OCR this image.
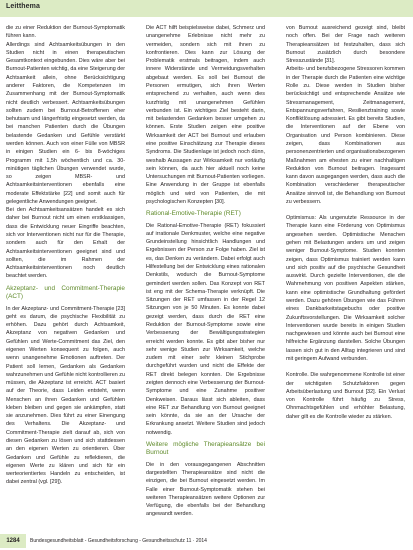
Leitthema

die zu einer Reduktion der Burnout-Symptomatik führen kann.

Allerdings sind Achtsamkeitsübungen in den Studien nicht in einen therapeutischen Gesamtkontext eingebunden. Dies wäre aber bei Burnout-Patienten wichtig, da eine Steigerung der Achtsamkeit allein, ohne Berücksichtigung anderer Faktoren, die Kompetenzen im Zusammenhang mit der Burnout-Symptomatik nicht deutlich verbessert. Achtsamkeitsübungen sollten zudem bei Burnout-Betroffenen eher behutsam und längerfristig eingesetzt werden, da bei manchen Patienten durch die Übungen belastende Gedanken und Gefühle verstärkt werden können. Auch von einer Fülle von MBSR in einigen Studien ein 6- bis 8-wöchiges Programm mit 1,5h wöchentlich und ca. 30-minütigen täglichen Übungen verwendet wurde, so zeigen MBSR- und Achtsamkeitsinterventionen ebenfalls eine moderate Effektstärke [22] und somit auch für gelegentliche Anwendungen geeignet.

Bei den Achtsamkeitsansätzen handelt es sich daher bei Burnout nicht um einen erstklassigen, dass die Entwicklung neuer Eingriffe beachten, sich vor Interventionen nicht nur für die Therapie, sondern auch für den Erhalt der Achtsamkeitsinterventionen geeignet sind und sollten, die im Rahmen der Achtsamkeitsinterventionen noch deutlich beachtet werden.

Akzeptanz- und Commitment-Therapie (ACT)

In der Akzeptanz- und Commitment-Therapie [23] geht es darum, die psychische Flexibilität zu erhöhen. Dazu gehört durch Achtsamkeit, Akzeptanz von negativen Gedanken und Gefühlen und Werte-Commitment das Ziel, den eigenen Werten konsequent zu folgen, auch wenn unangenehme Emotionen auftreten. Der Patient soll lernen, Gedanken als Gedanken wahrzunehmen und Gefühle nicht kontrollieren zu müssen, die Akzeptanz ist erreicht. ACT basiert auf der Theorie, dass Leiden entsteht, wenn Menschen an ihren Gedanken und Gefühlen kleben bleiben und gegen sie ankämpfen, statt sie anzunehmen. Dies führt zu einer Einengung des Verhaltens. Die Akzeptanz- und Commitment-Therapie zielt darauf ab, sich von diesen Gedanken zu lösen und sich stattdessen an den eigenen Werten zu orientieren. Über Gedanken und Gefühle zu reflektieren, die eigenen Werte zu klären und sich für ein werteorientiertes Handeln zu entscheiden, ist dabei zentral (vgl. [29]).

Die ACT hilft beispielsweise dabei, Schmerz und unangenehme Erlebnisse nicht mehr zu vermeiden, sondern sich mit ihnen zu konfrontieren. Dies kann zur Lösung der Problematik erstmals beitragen, indem auch innere Widerstände und Vermeidungsverhalten abgebaut werden. Es soll bei Burnout die Personen ermutigen, sich ihren Werten entsprechend zu verhalten, auch wenn dies kurzfristig mit unangenehmen Gefühlen verbunden ist. Ein wichtiges Ziel besteht darin, mit belastenden Gedanken besser umgehen zu können. Erste Studien zeigen eine positive Wirksamkeit der ACT bei Burnout und erlauben eine positive Einschätzung zur Therapie dieses Syndroms. Die Studienlage ist jedoch noch dünn, weshalb Aussagen zur Wirksamkeit nur vorläufig sein können, da auch hier aktuell noch keine Untersuchungen mit Burnout-Patienten vorliegen. Eine Anwendung in der Gruppe ist ebenfalls möglich und wird von Patienten, die mit psychologischen Konzepten [30].

Rational-Emotive-Therapie (RET)

Die Rational-Emotive-Therapie (RET) fokussiert auf irrationale Denkmuster, welche eine negative Grundeinstellung hinsichtlich Handlungen und Ergebnissen der Person zur Folge haben. Ziel ist es, das Denken zu verändern. Dabei erfolgt auch Hilfestellung bei der Entwicklung eines rationalen Denkstils, wodurch die Burnout-Symptome gemindert werden sollen. Das Konzept von RET ist eng mit der Schema-Therapie verknüpft. Die Sitzungen der RET umfassen in der Regel 12 Sitzungen von je 50 Minuten. Es konnte dabei gezeigt werden, dass durch die RET eine Reduktion der Burnout-Symptome sowie eine Verbesserung der Bewältigungsstrategien erreicht werden konnte. Es gibt aber bisher nur sehr wenige Studien zur Wirksamkeit, welche zudem mit einer sehr kleinen Stichprobe durchgeführt wurden und nicht die Effekte der RET direkt belegen konnten. Die Ergebnisse zeigten dennoch eine Verbesserung der Burnout-Symptome und eine Zunahme positiver Denkweisen. Daraus lässt sich ableiten, dass eine RET zur Behandlung von Burnout geeignet sein könnte, da sie an der Ursache der Erkrankung ansetzt. Weitere Studien sind jedoch notwendig.

Weitere mögliche Therapieansätze bei Burnout

Die in den vorausgegangenen Abschnitten dargestellten Therapieansätze sind nicht die einzigen, die bei Burnout eingesetzt werden. Im Falle einer Burnout-Symptomatik stehen bei weiteren Therapieansätzen weitere Optionen zur Verfügung, die ebenfalls bei der Behandlung angewandt werden.

von Burnout ausreichend gezeigt sind, bleibt noch offen. Bei der Frage nach weiteren Therapieansätzen ist festzuhalten, dass sich Burnout zusätzlich durch besondere Stresszustände [31].

Arbeits- und berufsbezogene Stressoren kommen in der Therapie durch die Patienten eine wichtige Rolle zu. Diese werden in Studien bisher berücksichtigt und entsprechende Ansätze wie Stressmanagement, Zeitmanagement, Entspannungsverfahren, Resilienztraining sowie Konfliktlösung adressiert. Es gibt bereits Studien, die Interventionen auf der Ebene von Organisation und Person kombinieren. Diese zeigen, dass Kombinationen aus personenzentrierten und organisationsbezogenen Maßnahmen am ehesten zu einer nachhaltigen Reduktion von Burnout beitragen. Insgesamt kann davon ausgegangen werden, dass auch die Kombination verschiedener therapeutischer Ansätze sinnvoll ist, die Behandlung von Burnout zu verbessern.

Optimismus: Als ungenutzte Ressource in der Therapie kann eine Förderung von Optimismus angesehen werden. Optimistische Menschen gehen mit Belastungen anders um und zeigen weniger Burnout-Symptome. Studien konnten zeigen, dass Optimismus trainiert werden kann und sich positiv auf die psychische Gesundheit auswirkt. Durch gezielte Interventionen, die die Wahrnehmung von positiven Aspekten stärken, kann eine optimistische Grundhaltung gefördert werden. Dazu gehören Übungen wie das Führen eines Dankbarkeitstagebuchs oder positive Zukunftsvorstellungen. Die Wirksamkeit solcher Interventionen wurde bereits in einigen Studien nachgewiesen und könnte auch bei Burnout eine hilfreiche Ergänzung darstellen. Solche Übungen lassen sich gut in den Alltag integrieren und sind mit geringem Aufwand verbunden.

Kontrolle. Die wahrgenommene Kontrolle ist einer der wichtigsten Schutzfaktoren gegen Arbeitsüberlastung und Burnout [32]. Ein Verlust von Kontrolle führt häufig zu Stress, Ohnmachtsgefühlen und erhöhter Belastung, daher gilt es die Kontrolle wieder zu stärken.

1284	Bundesgesundheitsblatt - Gesundheitsforschung - Gesundheitsschutz 11 · 2014
